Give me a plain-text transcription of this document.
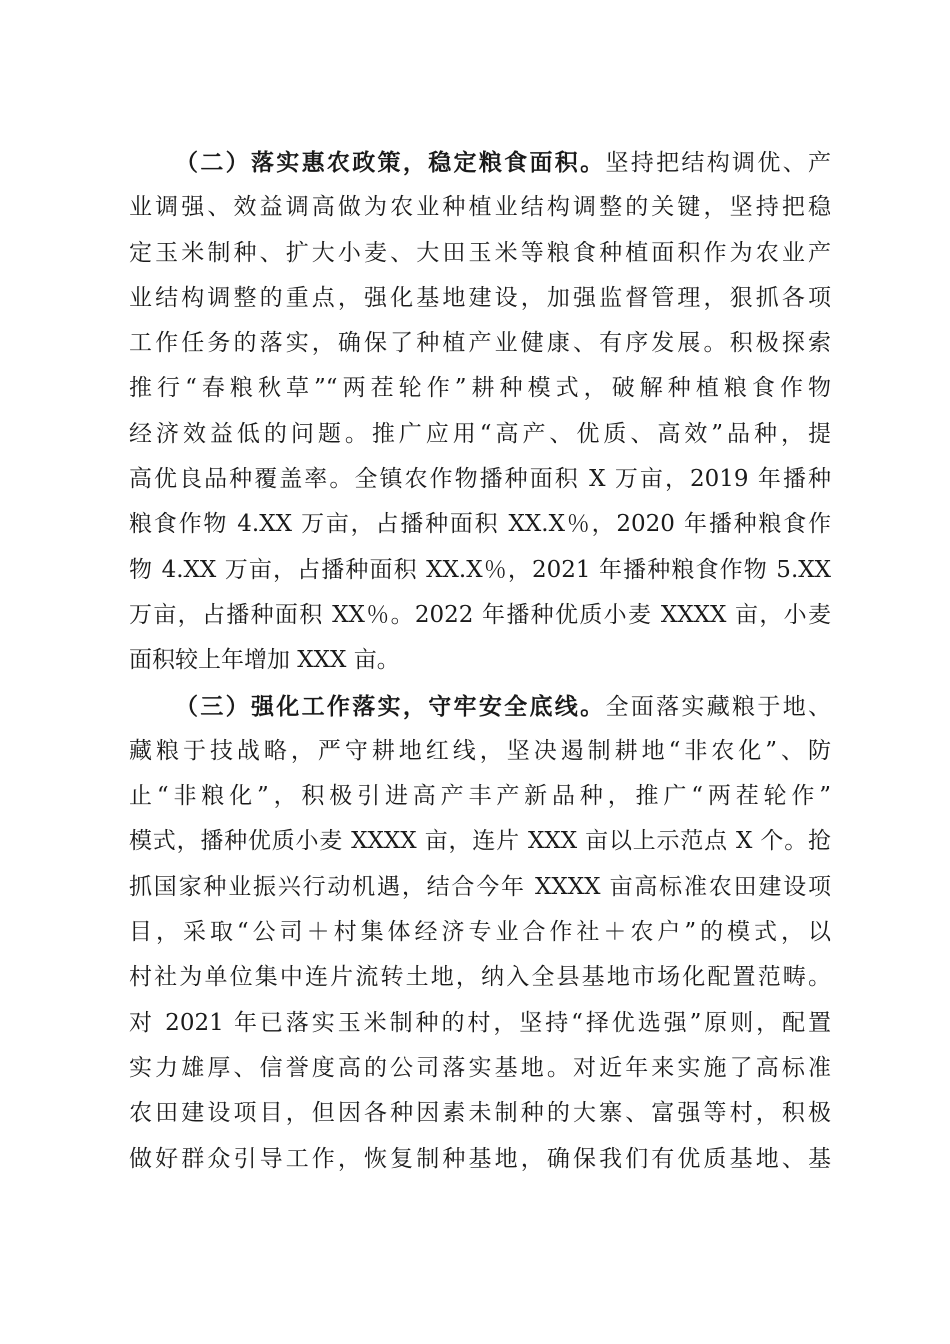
（二）落实惠农政策，稳定粮食面积。坚持把结构调优、产
业调强、效益调高做为农业种植业结构调整的关键，坚持把稳
定玉米制种、扩大小麦、大田玉米等粮食种植面积作为农业产
业结构调整的重点，强化基地建设，加强监督管理，狠抓各项
工作任务的落实，确保了种植产业健康、有序发展。积极探索
推行“春粮秋草”“两茬轮作”耕种模式，破解种植粮食作物
经济效益低的问题。推广应用“高产、优质、高效”品种，提
高优良品种覆盖率。全镇农作物播种面积 X 万亩，2019 年播种
粮食作物 4.XX 万亩，占播种面积 XX.X％，2020 年播种粮食作
物 4.XX 万亩，占播种面积 XX.X％，2021 年播种粮食作物 5.XX
万亩，占播种面积 XX％。2022 年播种优质小麦 XXXX 亩，小麦
面积较上年增加 XXX 亩。
（三）强化工作落实，守牢安全底线。全面落实藏粮于地、
藏粮于技战略，严守耕地红线，坚决遏制耕地“非农化”、防
止“非粮化”，积极引进高产丰产新品种，推广“两茬轮作”
模式，播种优质小麦 XXXX 亩，连片 XXX 亩以上示范点 X 个。抢
抓国家种业振兴行动机遇，结合今年 XXXX 亩高标准农田建设项
目，采取“公司＋村集体经济专业合作社＋农户”的模式，以
村社为单位集中连片流转土地，纳入全县基地市场化配置范畴。
对 2021 年已落实玉米制种的村，坚持“择优选强”原则，配置
实力雄厚、信誉度高的公司落实基地。对近年来实施了高标准
农田建设项目，但因各种因素未制种的大寨、富强等村，积极
做好群众引导工作，恢复制种基地，确保我们有优质基地、基
